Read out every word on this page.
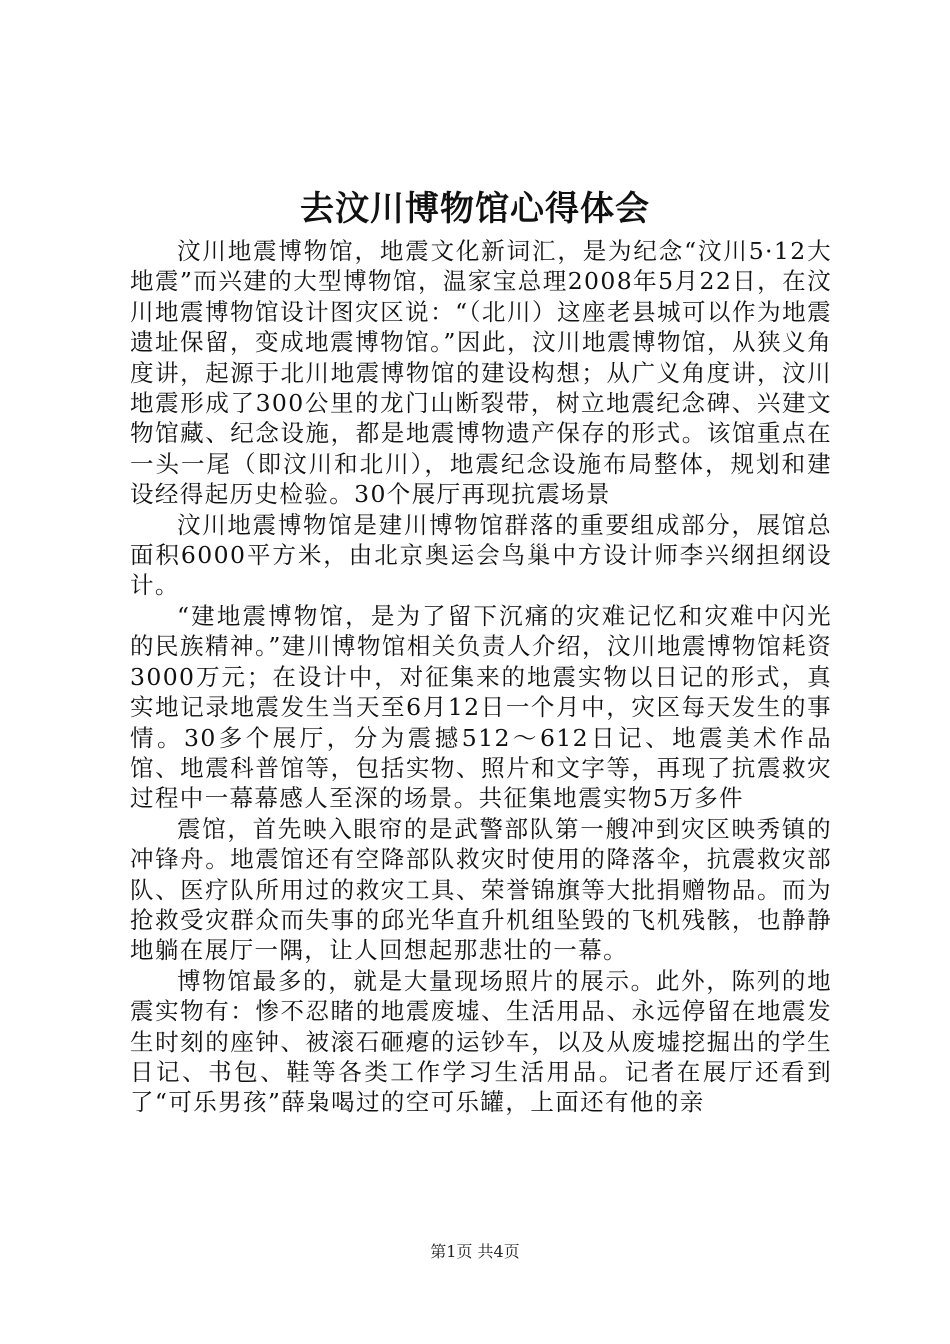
去汶川博物馆心得体会

汶川地震博物馆，地震文化新词汇，是为纪念“汶川5·12大地震”而兴建的大型博物馆，温家宝总理2008年5月22日，在汶川地震博物馆设计图灾区说：“（北川）这座老县城可以作为地震遗址保留，变成地震博物馆。”因此，汶川地震博物馆，从狭义角度讲，起源于北川地震博物馆的建设构想；从广义角度讲，汶川地震形成了300公里的龙门山断裂带，树立地震纪念碑、兴建文物馆藏、纪念设施，都是地震博物遗产保存的形式。该馆重点在一头一尾（即汶川和北川），地震纪念设施布局整体，规划和建设经得起历史检验。30个展厅再现抗震场景

汶川地震博物馆是建川博物馆群落的重要组成部分，展馆总面积6000平方米，由北京奥运会鸟巢中方设计师李兴纲担纲设计。

“建地震博物馆，是为了留下沉痛的灾难记忆和灾难中闪光的民族精神。”建川博物馆相关负责人介绍，汶川地震博物馆耗资3000万元；在设计中，对征集来的地震实物以日记的形式，真实地记录地震发生当天至6月12日一个月中，灾区每天发生的事情。30多个展厅，分为震撼512～612日记、地震美术作品馆、地震科普馆等，包括实物、照片和文字等，再现了抗震救灾过程中一幕幕感人至深的场景。共征集地震实物5万多件

震馆，首先映入眼帘的是武警部队第一艘冲到灾区映秀镇的冲锋舟。地震馆还有空降部队救灾时使用的降落伞，抗震救灾部队、医疗队所用过的救灾工具、荣誉锦旗等大批捐赠物品。而为抢救受灾群众而失事的邱光华直升机组坠毁的飞机残骸，也静静地躺在展厅一隅，让人回想起那悲壮的一幕。

博物馆最多的，就是大量现场照片的展示。此外，陈列的地震实物有：惨不忍睹的地震废墟、生活用品、永远停留在地震发生时刻的座钟、被滚石砸瘪的运钞车，以及从废墟挖掘出的学生日记、书包、鞋等各类工作学习生活用品。记者在展厅还看到了“可乐男孩”薛枭喝过的空可乐罐，上面还有他的亲

第1页 共4页
